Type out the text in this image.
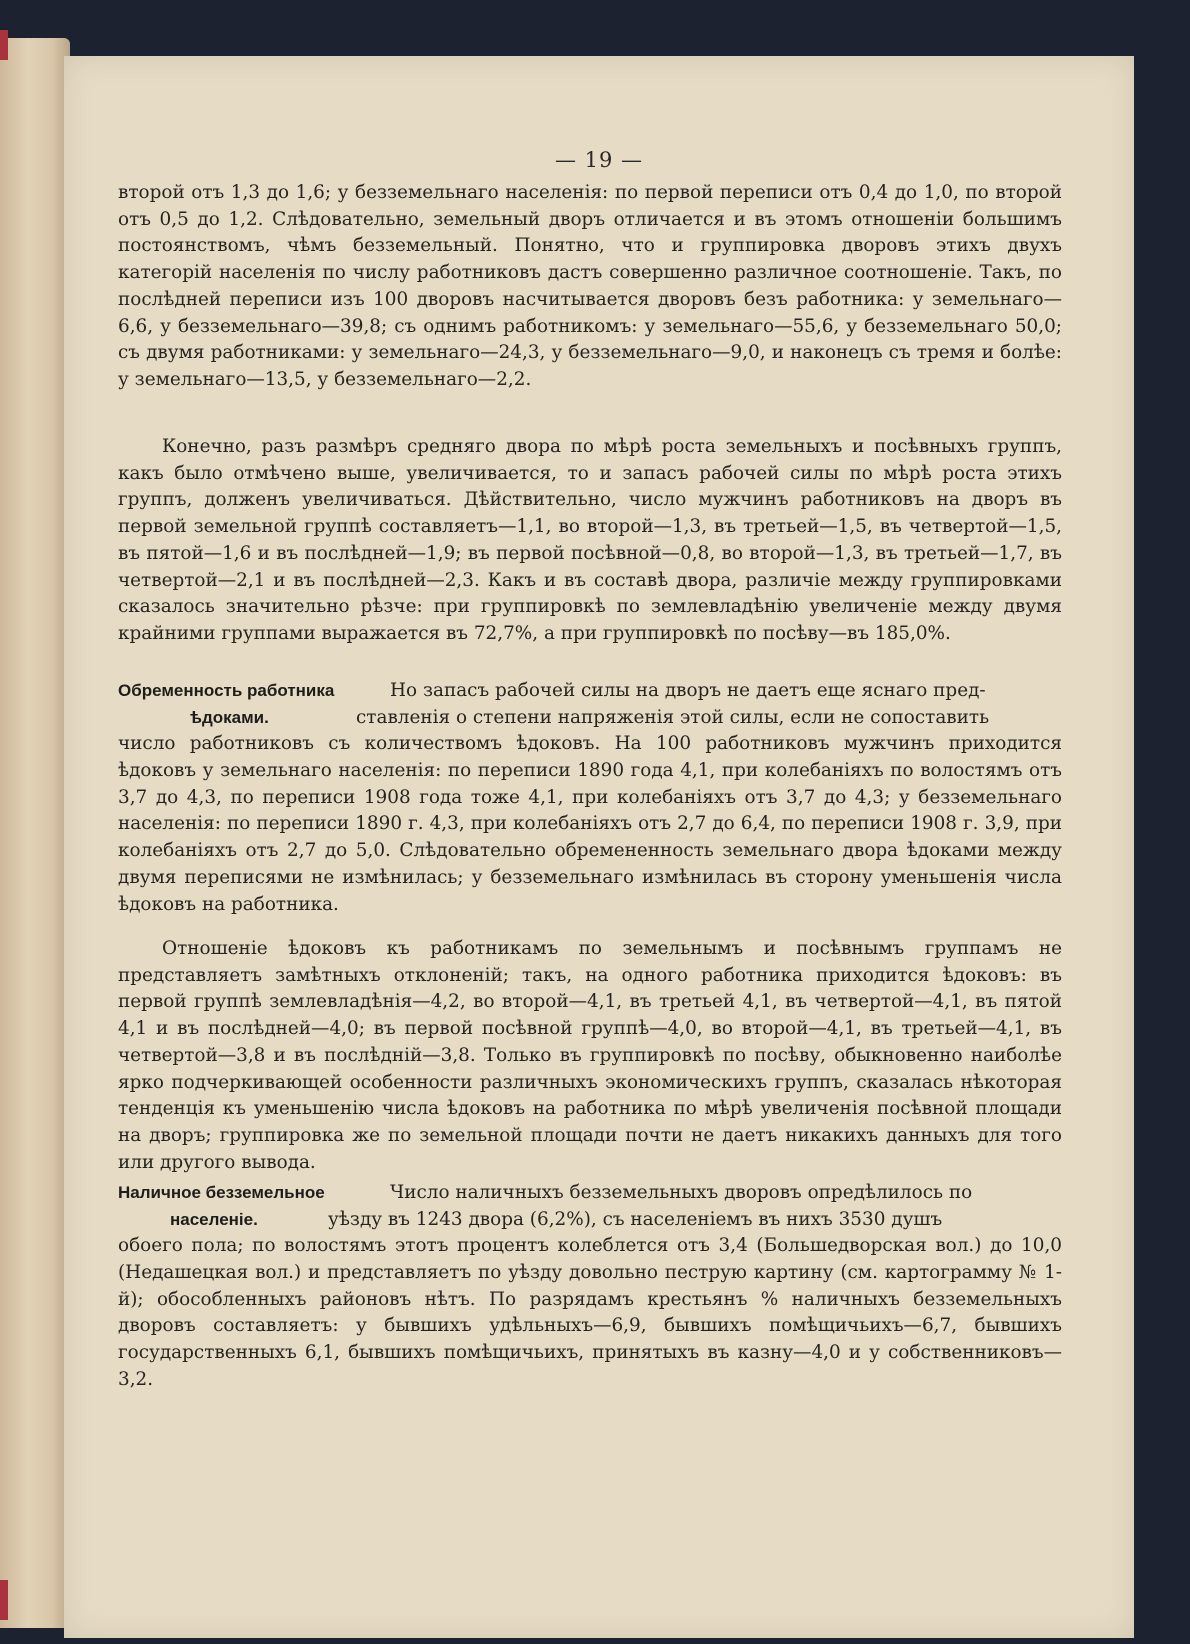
— 19 —
второй отъ 1,3 до 1,6; у безземельнаго населенія: по первой переписи отъ 0,4 до 1,0, по второй отъ 0,5 до 1,2. Слѣдовательно, земельный дворъ отличается и въ этомъ отношеніи большимъ постоянствомъ, чѣмъ безземельный. Понятно, что и группировка дворовъ этихъ двухъ категорій населенія по числу работниковъ дастъ совершенно различное соотношеніе. Такъ, по послѣдней переписи изъ 100 дворовъ насчитывается дворовъ безъ работника: у земельнаго—6,6, у безземельнаго—39,8; съ однимъ работникомъ: у земельнаго—55,6, у безземельнаго 50,0; съ двумя работниками: у земельнаго—24,3, у безземельнаго—9,0, и наконецъ съ тремя и болѣе: у земельнаго—13,5, у безземельнаго—2,2.
Конечно, разъ размѣръ средняго двора по мѣрѣ роста земельныхъ и посѣвныхъ группъ, какъ было отмѣчено выше, увеличивается, то и запасъ рабочей силы по мѣрѣ роста этихъ группъ, долженъ увеличиваться. Дѣйствительно, число мужчинъ работниковъ на дворъ въ первой земельной группѣ составляетъ—1,1, во второй—1,3, въ третьей—1,5, въ четвертой—1,5, въ пятой—1,6 и въ послѣдней—1,9; въ первой посѣвной—0,8, во второй—1,3, въ третьей—1,7, въ четвертой—2,1 и въ послѣдней—2,3. Какъ и въ составѣ двора, различіе между группировками сказалось значительно рѣзче: при группировкѣ по землевладѣнію увеличеніе между двумя крайними группами выражается въ 72,7%, а при группировкѣ по посѣву—въ 185,0%.
Обременность работника	Но запасъ рабочей силы на дворъ не даетъ еще яснаго пред-
ѣдоками.	ставленія о степени напряженія этой силы, если не сопоставить
число работниковъ съ количествомъ ѣдоковъ. На 100 работниковъ мужчинъ приходится ѣдоковъ у земельнаго населенія: по переписи 1890 года 4,1, при колебаніяхъ по волостямъ отъ 3,7 до 4,3, по переписи 1908 года тоже 4,1, при колебаніяхъ отъ 3,7 до 4,3; у безземельнаго населенія: по переписи 1890 г. 4,3, при колебаніяхъ отъ 2,7 до 6,4, по переписи 1908 г. 3,9, при колебаніяхъ отъ 2,7 до 5,0. Слѣдовательно обремененность земельнаго двора ѣдоками между двумя переписями не измѣнилась; у безземельнаго измѣнилась въ сторону уменьшенія числа ѣдоковъ на работника.
Отношеніе ѣдоковъ къ работникамъ по земельнымъ и посѣвнымъ группамъ не представляетъ замѣтныхъ отклоненій; такъ, на одного работника приходится ѣдоковъ: въ первой группѣ землевладѣнія—4,2, во второй—4,1, въ третьей 4,1, въ четвертой—4,1, въ пятой 4,1 и въ послѣдней—4,0; въ первой посѣвной группѣ—4,0, во второй—4,1, въ третьей—4,1, въ четвертой—3,8 и въ послѣдній—3,8. Только въ группировкѣ по посѣву, обыкновенно наиболѣе ярко подчеркивающей особенности различныхъ экономическихъ группъ, сказалась нѣкоторая тенденція къ уменьшенію числа ѣдоковъ на работника по мѣрѣ увеличенія посѣвной площади на дворъ; группировка же по земельной площади почти не даетъ никакихъ данныхъ для того или другого вывода.
Наличное безземельное	Число наличныхъ безземельныхъ дворовъ опредѣлилось по
населеніе.	уѣзду въ 1243 двора (6,2%), съ населеніемъ въ нихъ 3530 душъ
обоего пола; по волостямъ этотъ процентъ колеблется отъ 3,4 (Большедворская вол.) до 10,0 (Недашецкая вол.) и представляетъ по уѣзду довольно пеструю картину (см. картограмму № 1-й); обособленныхъ районовъ нѣтъ. По разрядамъ крестьянъ % наличныхъ безземельныхъ дворовъ составляетъ: у бывшихъ удѣльныхъ—6,9, бывшихъ помѣщичьихъ—6,7, бывшихъ государственныхъ 6,1, бывшихъ помѣщичьихъ, принятыхъ въ казну—4,0 и у собственниковъ—3,2.
